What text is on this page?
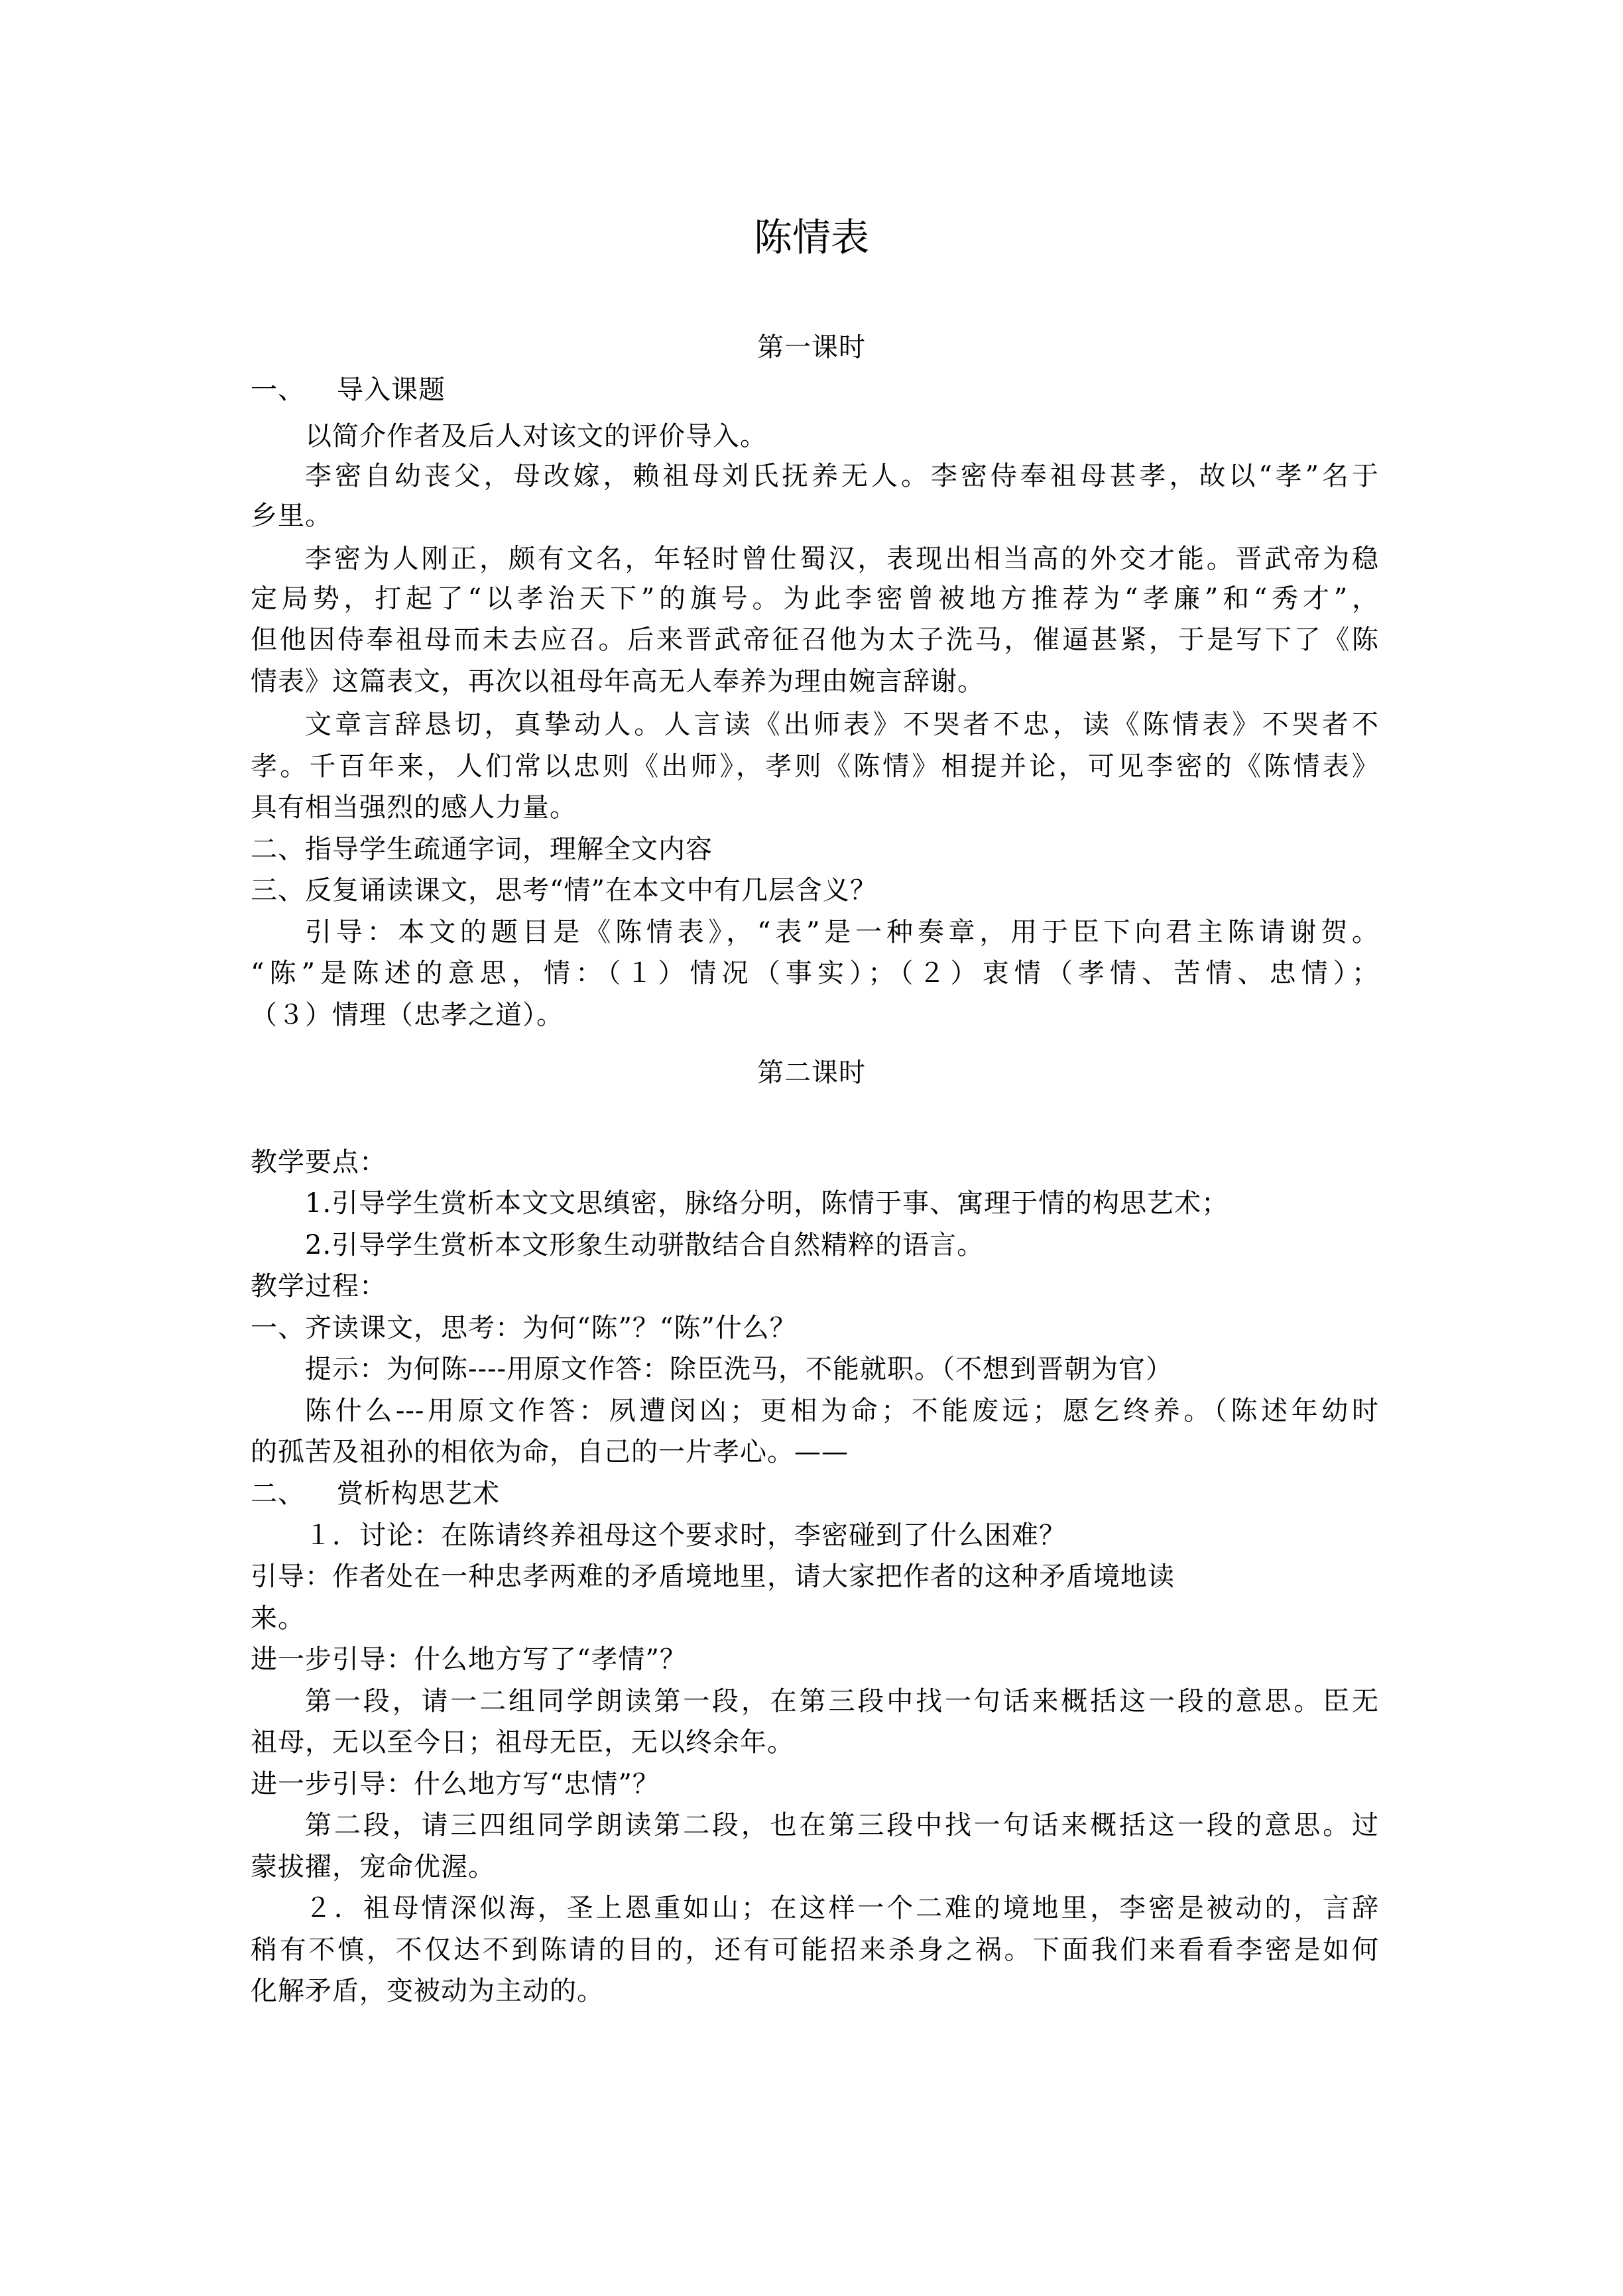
陈情表
第一课时
一、 导入课题
以简介作者及后人对该文的评价导入。
李密自幼丧父，母改嫁，赖祖母刘氏抚养无人。李密侍奉祖母甚孝，故以“孝”名于
乡里。
李密为人刚正，颇有文名，年轻时曾仕蜀汉，表现出相当高的外交才能。晋武帝为稳
定局势，打起了“以孝治天下”的旗号。为此李密曾被地方推荐为“孝廉”和“秀才”，
但他因侍奉祖母而未去应召。后来晋武帝征召他为太子洗马，催逼甚紧，于是写下了《陈
情表》这篇表文，再次以祖母年高无人奉养为理由婉言辞谢。
文章言辞恳切，真挚动人。人言读《出师表》不哭者不忠，读《陈情表》不哭者不
孝。千百年来，人们常以忠则《出师》，孝则《陈情》相提并论，可见李密的《陈情表》
具有相当强烈的感人力量。
二、指导学生疏通字词，理解全文内容
三、反复诵读课文，思考“情”在本文中有几层含义？
引导：本文的题目是《陈情表》，“表”是一种奏章，用于臣下向君主陈请谢贺。
“陈”是陈述的意思，情：（１）情况（事实）；（２）衷情（孝情、苦情、忠情）；
（３）情理（忠孝之道）。
第二课时
教学要点：
1.引导学生赏析本文文思缜密，脉络分明，陈情于事、寓理于情的构思艺术；
2.引导学生赏析本文形象生动骈散结合自然精粹的语言。
教学过程：
一、齐读课文，思考：为何“陈”？“陈”什么？
提示：为何陈----用原文作答：除臣洗马，不能就职。（不想到晋朝为官）
陈什么---用原文作答：夙遭闵凶；更相为命；不能废远；愿乞终养。（陈述年幼时
的孤苦及祖孙的相依为命，自己的一片孝心。——
二、 赏析构思艺术
１．讨论：在陈请终养祖母这个要求时，李密碰到了什么困难？
引导：作者处在一种忠孝两难的矛盾境地里，请大家把作者的这种矛盾境地读
来。
进一步引导：什么地方写了“孝情”？
第一段，请一二组同学朗读第一段，在第三段中找一句话来概括这一段的意思。臣无
祖母，无以至今日；祖母无臣，无以终余年。
进一步引导：什么地方写“忠情”？
第二段，请三四组同学朗读第二段，也在第三段中找一句话来概括这一段的意思。过
蒙拔擢，宠命优渥。
２．祖母情深似海，圣上恩重如山；在这样一个二难的境地里，李密是被动的，言辞
稍有不慎，不仅达不到陈请的目的，还有可能招来杀身之祸。下面我们来看看李密是如何
化解矛盾，变被动为主动的。
